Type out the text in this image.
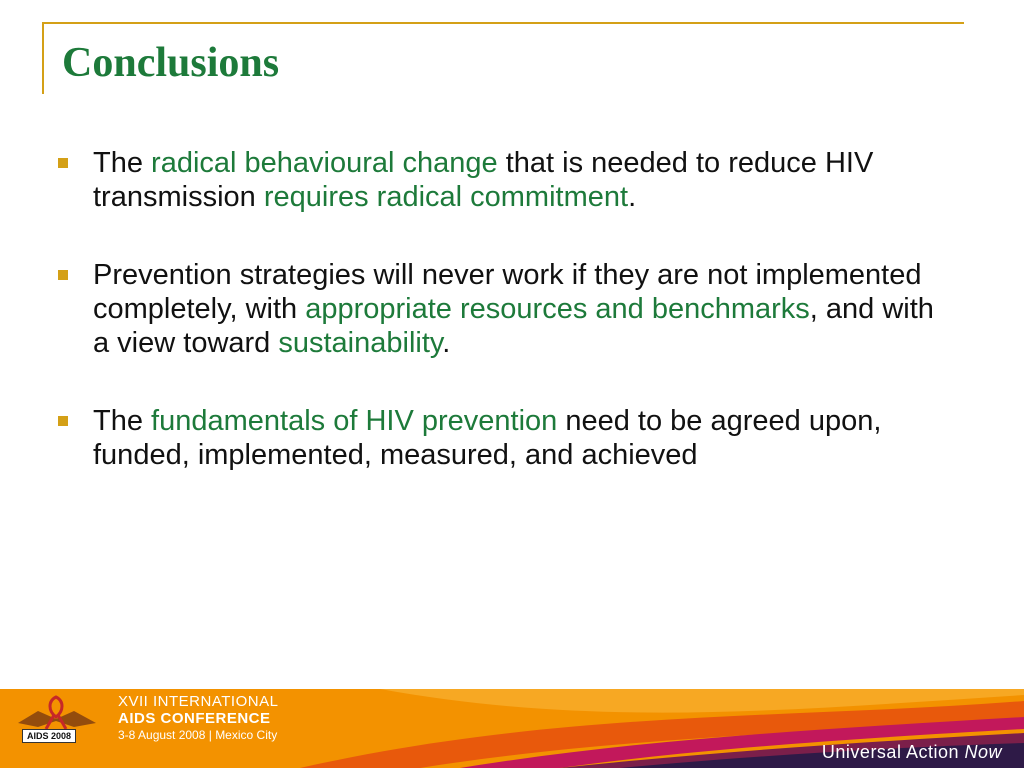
Conclusions
The radical behavioural change that is needed to reduce HIV transmission requires radical commitment.
Prevention strategies will never work if they are not implemented completely, with appropriate resources and benchmarks, and with a view toward sustainability.
The fundamentals of HIV prevention need to be agreed upon, funded, implemented, measured, and achieved
AIDS 2008
XVII INTERNATIONAL
AIDS CONFERENCE
3-8 August 2008 | Mexico City
Universal Action Now
